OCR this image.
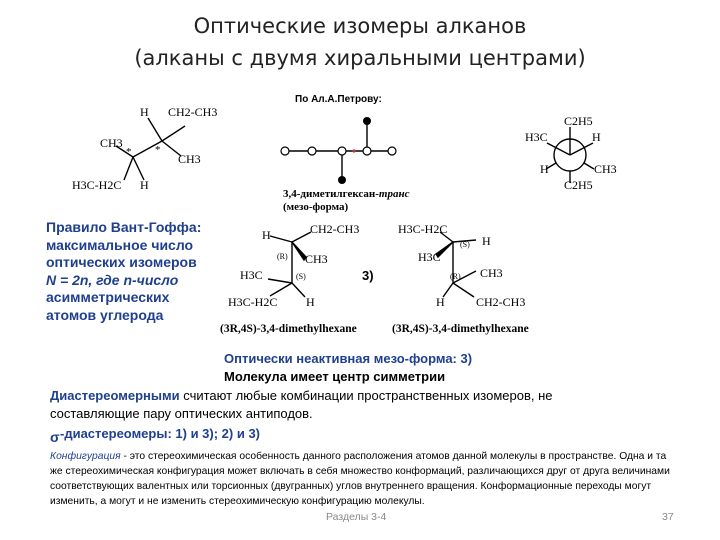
Оптические изомеры алканов
(алканы с двумя хиральными центрами)
По Ал.А.Петрову:
σ
H CH2-CH3
CH3
CH3
H3C-H2C H
* *
3,4-диметилгексан-транс
(мезо-форма)
C2H5
H3C	H
H	CH3
C2H5
Правило Вант-Гоффа:
максимальное число
оптических изомеров
N = 2n, где n-число
асимметрических
атомов углерода
H	CH2-CH3
CH3
H3C
(R)
(S)
H3C-H2C H
(3R,4S)-3,4-dimethylhexane
3)
H3C-H2C
H
H3C
CH3
(S)
(R)
H	CH2-CH3
(3R,4S)-3,4-dimethylhexane
Оптически неактивная мезо-форма: 3)
Молекула имеет центр симметрии
Диастереомерными считают любые комбинации пространственных изомеров, не
составляющие пару оптических антиподов.
-диастереомеры: 1) и 3); 2) и 3)
Конфигурация - это стереохимическая особенность данного расположения атомов данной молекулы в пространстве. Одна и та же стереохимическая конфигурация может включать в себя множество конформаций, различающихся друг от друга величинами соответствующих валентных или торсионных (двугранных) углов внутреннего вращения. Конформационные переходы могут изменить, а могут и не изменить стереохимическую конфигурацию молекулы.
Разделы 3-4	37
